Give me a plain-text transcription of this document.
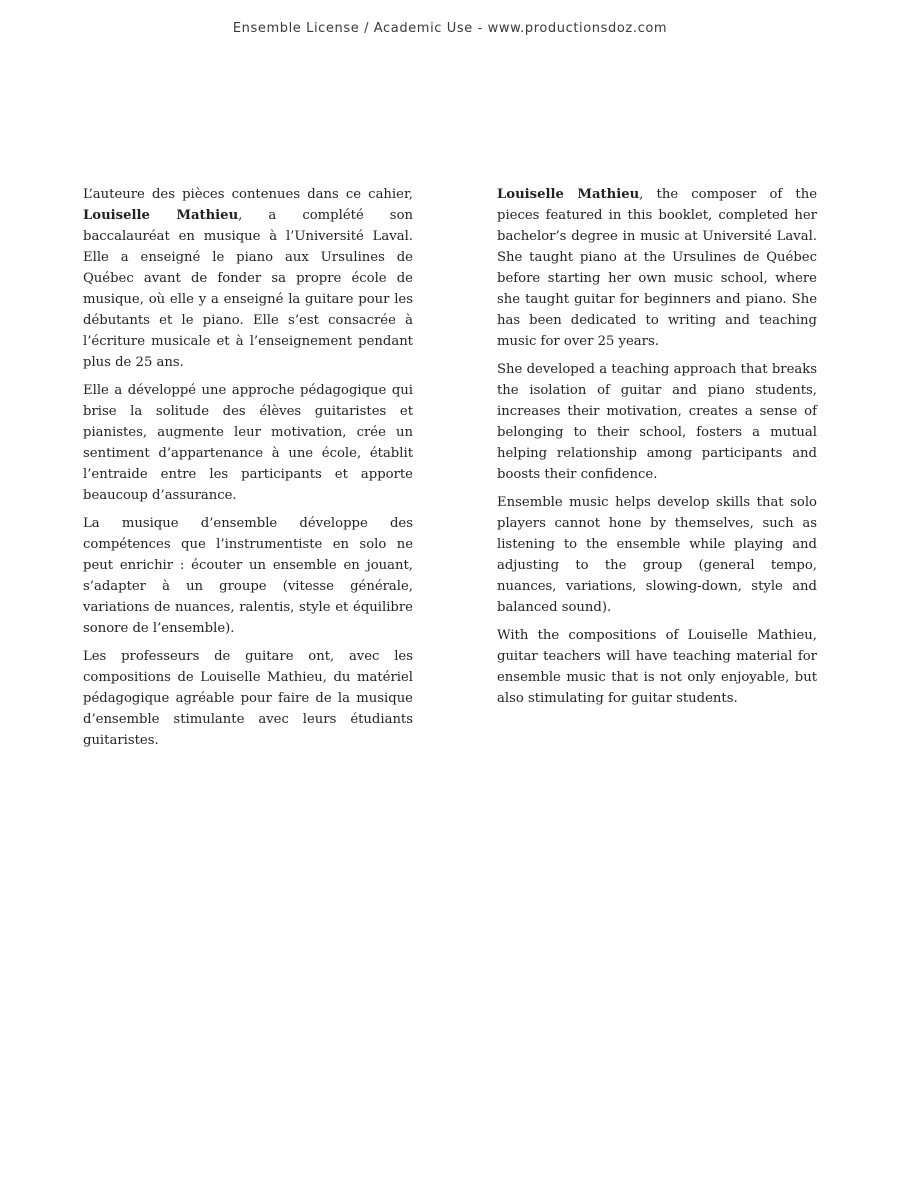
Ensemble License / Academic Use - www.productionsdoz.com

L’auteure des pièces contenues dans ce cahier, Louiselle Mathieu, a complété son baccalauréat en musique à l’Université Laval. Elle a enseigné le piano aux Ursulines de Québec avant de fonder sa propre école de musique, où elle y a enseigné la guitare pour les débutants et le piano. Elle s’est consacrée à l’écriture musicale et à l’enseignement pendant plus de 25 ans.

Elle a développé une approche pédagogique qui brise la solitude des élèves guitaristes et pianistes, augmente leur motivation, crée un sentiment d’appartenance à une école, établit l’entraide entre les participants et apporte beaucoup d’assurance.

La musique d’ensemble développe des compétences que l’instrumentiste en solo ne peut enrichir : écouter un ensemble en jouant, s’adapter à un groupe (vitesse générale, variations de nuances, ralentis, style et équilibre sonore de l’ensemble).

Les professeurs de guitare ont, avec les compositions de Louiselle Mathieu, du matériel pédagogique agréable pour faire de la musique d’ensemble stimulante avec leurs étudiants guitaristes.

Louiselle Mathieu, the composer of the pieces featured in this booklet, completed her bachelor’s degree in music at Université Laval. She taught piano at the Ursulines de Québec before starting her own music school, where she taught guitar for beginners and piano. She has been dedicated to writing and teaching music for over 25 years.

She developed a teaching approach that breaks the isolation of guitar and piano students, increases their motivation, creates a sense of belonging to their school, fosters a mutual helping relationship among participants and boosts their confidence.

Ensemble music helps develop skills that solo players cannot hone by themselves, such as listening to the ensemble while playing and adjusting to the group (general tempo, nuances, variations, slowing-down, style and balanced sound).

With the compositions of Louiselle Mathieu, guitar teachers will have teaching material for ensemble music that is not only enjoyable, but also stimulating for guitar students.
